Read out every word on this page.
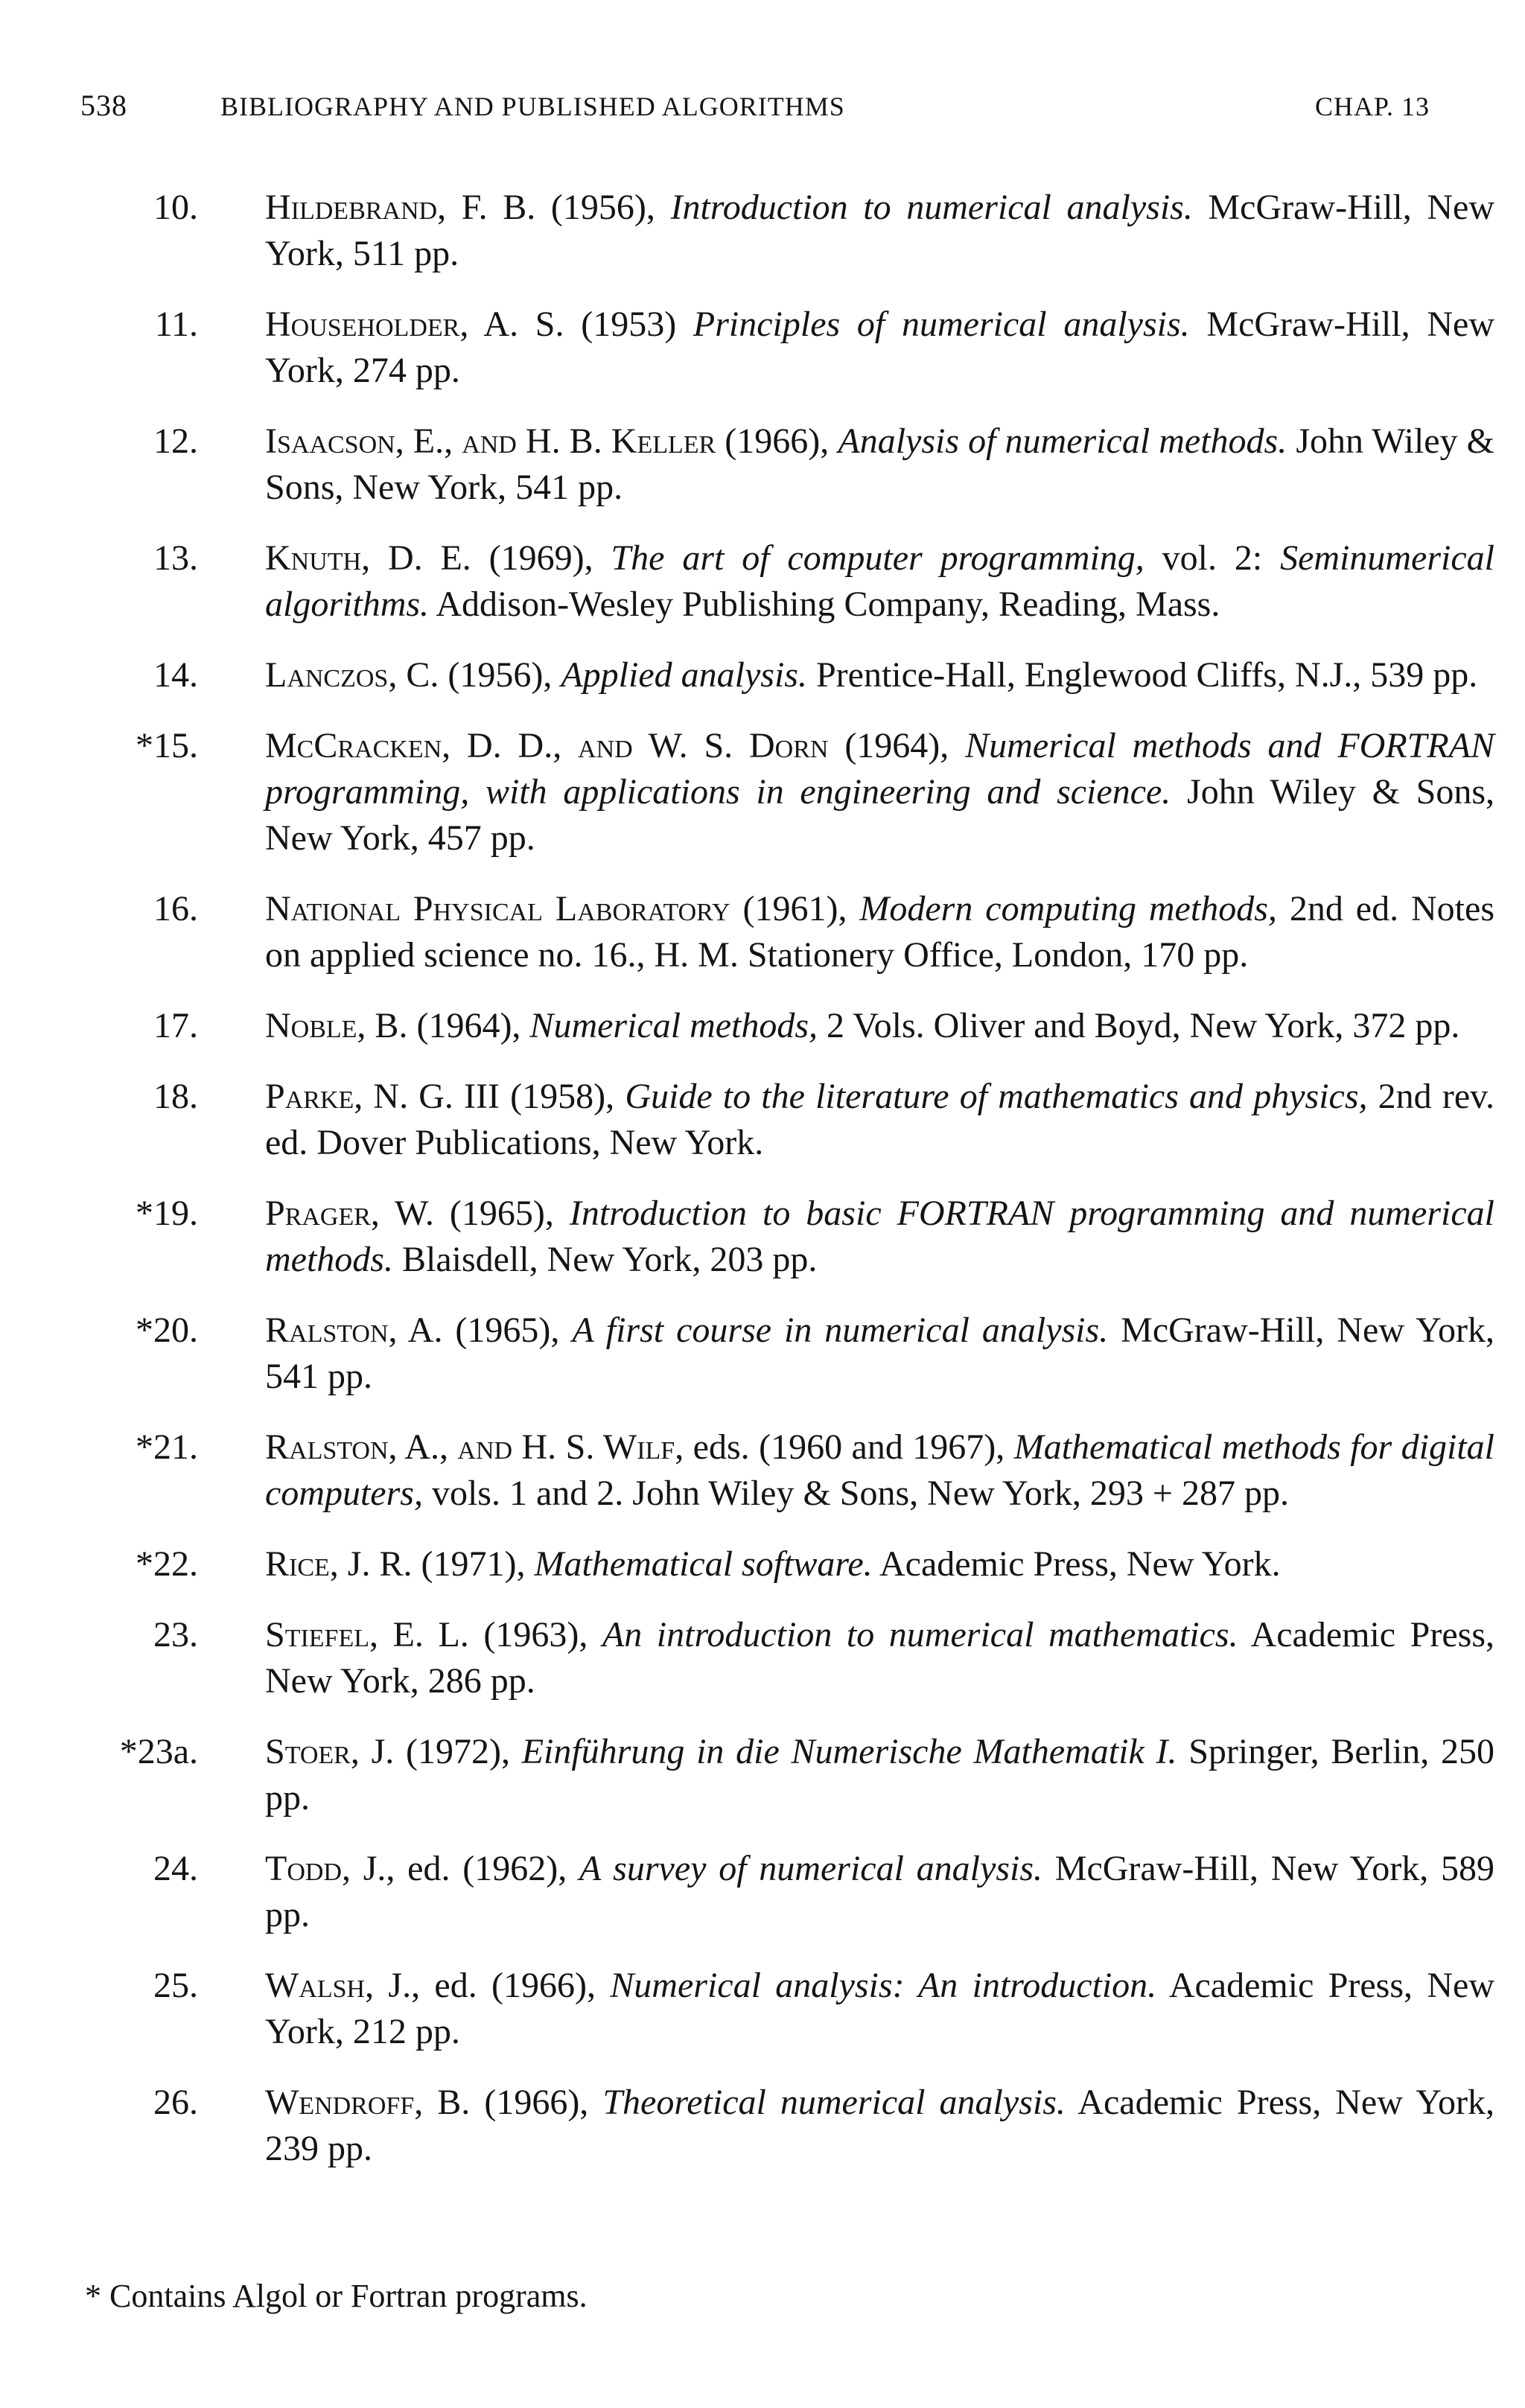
538	BIBLIOGRAPHY AND PUBLISHED ALGORITHMS	CHAP. 13
10. Hildebrand, F. B. (1956), Introduction to numerical analysis. McGraw-Hill, New York, 511 pp.
11. Householder, A. S. (1953) Principles of numerical analysis. McGraw-Hill, New York, 274 pp.
12. Isaacson, E., and H. B. Keller (1966), Analysis of numerical methods. John Wiley & Sons, New York, 541 pp.
13. Knuth, D. E. (1969), The art of computer programming, vol. 2: Seminumerical algorithms. Addison-Wesley Publishing Company, Reading, Mass.
14. Lanczos, C. (1956), Applied analysis. Prentice-Hall, Englewood Cliffs, N.J., 539 pp.
*15. McCracken, D. D., and W. S. Dorn (1964), Numerical methods and FORTRAN programming, with applications in engineering and science. John Wiley & Sons, New York, 457 pp.
16. National Physical Laboratory (1961), Modern computing methods, 2nd ed. Notes on applied science no. 16., H. M. Stationery Office, London, 170 pp.
17. Noble, B. (1964), Numerical methods, 2 Vols. Oliver and Boyd, New York, 372 pp.
18. Parke, N. G. III (1958), Guide to the literature of mathematics and physics, 2nd rev. ed. Dover Publications, New York.
*19. Prager, W. (1965), Introduction to basic FORTRAN programming and numerical methods. Blaisdell, New York, 203 pp.
*20. Ralston, A. (1965), A first course in numerical analysis. McGraw-Hill, New York, 541 pp.
*21. Ralston, A., and H. S. Wilf, eds. (1960 and 1967), Mathematical methods for digital computers, vols. 1 and 2. John Wiley & Sons, New York, 293 + 287 pp.
*22. Rice, J. R. (1971), Mathematical software. Academic Press, New York.
23. Stiefel, E. L. (1963), An introduction to numerical mathematics. Academic Press, New York, 286 pp.
*23a. Stoer, J. (1972), Einführung in die Numerische Mathematik I. Springer, Berlin, 250 pp.
24. Todd, J., ed. (1962), A survey of numerical analysis. McGraw-Hill, New York, 589 pp.
25. Walsh, J., ed. (1966), Numerical analysis: An introduction. Academic Press, New York, 212 pp.
26. Wendroff, B. (1966), Theoretical numerical analysis. Academic Press, New York, 239 pp.
* Contains Algol or Fortran programs.
